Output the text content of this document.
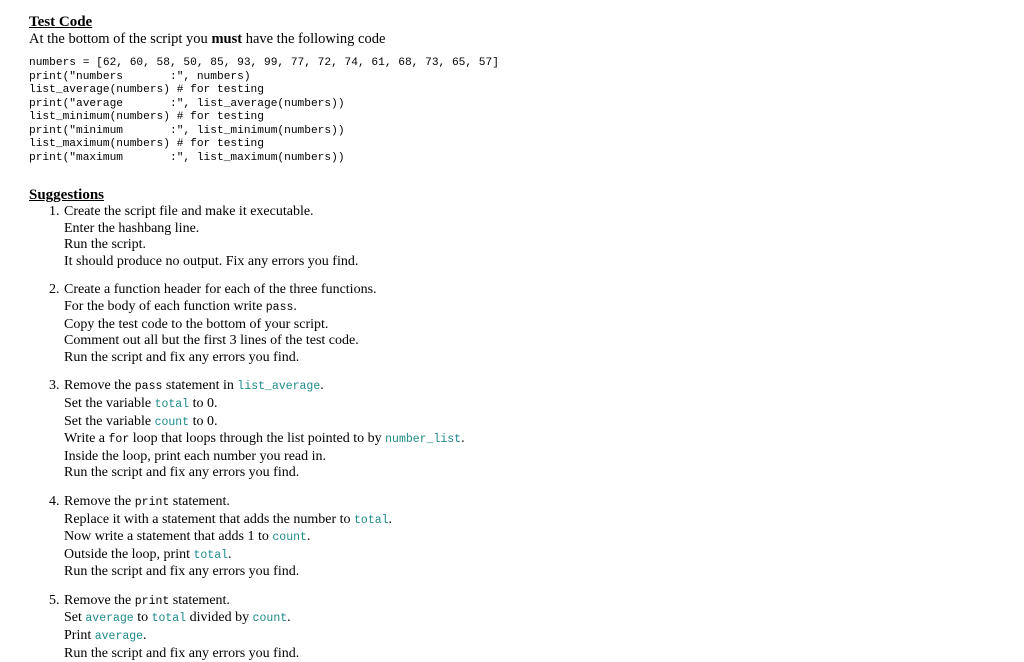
Test Code

At the bottom of the script you must have the following code

numbers = [62, 60, 58, 50, 85, 93, 99, 77, 72, 74, 61, 68, 73, 65, 57]
print("numbers       :", numbers)
list_average(numbers) # for testing
print("average       :", list_average(numbers))
list_minimum(numbers) # for testing
print("minimum       :", list_minimum(numbers))
list_maximum(numbers) # for testing
print("maximum       :", list_maximum(numbers))
Suggestions
1. Create the script file and make it executable.
Enter the hashbang line.
Run the script.
It should produce no output. Fix any errors you find.
2. Create a function header for each of the three functions.
For the body of each function write pass.
Copy the test code to the bottom of your script.
Comment out all but the first 3 lines of the test code.
Run the script and fix any errors you find.
3. Remove the pass statement in list_average.
Set the variable total to 0.
Set the variable count to 0.
Write a for loop that loops through the list pointed to by number_list.
Inside the loop, print each number you read in.
Run the script and fix any errors you find.
4. Remove the print statement.
Replace it with a statement that adds the number to total.
Now write a statement that adds 1 to count.
Outside the loop, print total.
Run the script and fix any errors you find.
5. Remove the print statement.
Set average to total divided by count.
Print average.
Run the script and fix any errors you find.
